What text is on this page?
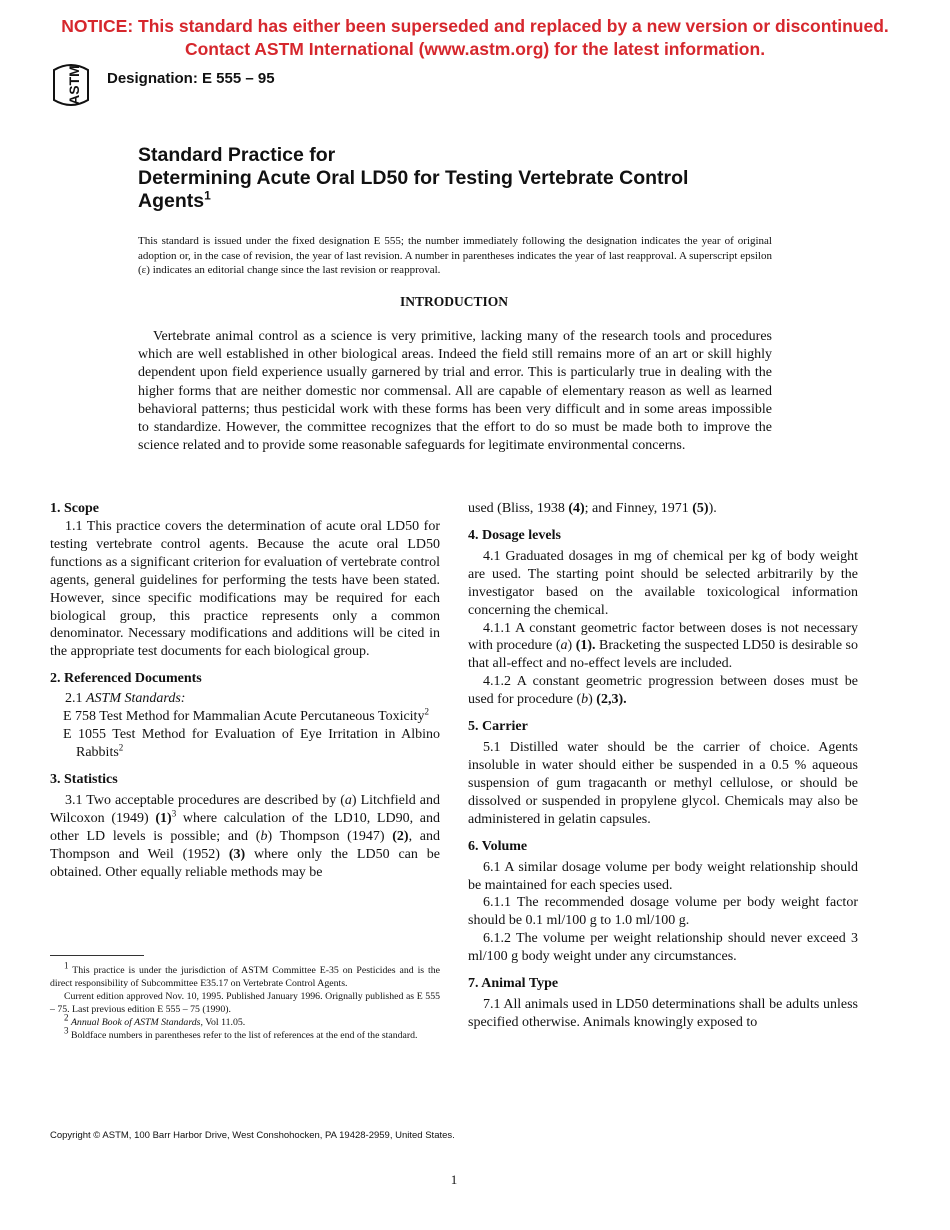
NOTICE: This standard has either been superseded and replaced by a new version or discontinued.
Contact ASTM International (www.astm.org) for the latest information.
ASTM Designation: E 555 – 95
Standard Practice for
Determining Acute Oral LD50 for Testing Vertebrate Control
Agents$^1$
This standard is issued under the fixed designation E 555; the number immediately following the designation indicates the year of original adoption or, in the case of revision, the year of last revision. A number in parentheses indicates the year of last reapproval. A superscript epsilon (ε) indicates an editorial change since the last revision or reapproval.
INTRODUCTION
Vertebrate animal control as a science is very primitive, lacking many of the research tools and procedures which are well established in other biological areas. Indeed the field still remains more of an art or skill highly dependent upon field experience usually garnered by trial and error. This is particularly true in dealing with the higher forms that are neither domestic nor commensal. All are capable of elementary reason as well as learned behavioral patterns; thus pesticidal work with these forms has been very difficult and in some areas impossible to standardize. However, the committee recognizes that the effort to do so must be made both to improve the science related and to provide some reasonable safeguards for legitimate environmental concerns.
1. Scope

1.1 This practice covers the determination of acute oral LD50 for testing vertebrate control agents. Because the acute oral LD50 functions as a significant criterion for evaluation of vertebrate control agents, general guidelines for performing the tests have been stated. However, since specific modifications may be required for each biological group, this practice represents only a common denominator. Necessary modifications and additions will be cited in the appropriate test documents for each biological group.

2. Referenced Documents

2.1 ASTM Standards:

E 758 Test Method for Mammalian Acute Percutaneous Toxicity$^2$

E 1055 Test Method for Evaluation of Eye Irritation in Albino Rabbits$^2$

3. Statistics

3.1 Two acceptable procedures are described by (a) Litchfield and Wilcoxon (1949) $(1)^3$ where calculation of the LD10, LD90, and other LD levels is possible; and (b) Thompson (1947) (2), and Thompson and Weil (1952) (3) where only the LD50 can be obtained. Other equally reliable methods may be

$^1$ This practice is under the jurisdiction of ASTM Committee E-35 on Pesticides and is the direct responsibility of Subcommittee E35.17 on Vertebrate Control Agents.

Current edition approved Nov. 10, 1995. Published January 1996. Orignally published as E 555 – 75. Last previous edition E 555 – 75 (1990).

$^2$ Annual Book of ASTM Standards, Vol 11.05.

$^3$ Boldface numbers in parentheses refer to the list of references at the end of the standard.

used (Bliss, 1938 (4); and Finney, 1971 (5)).

4. Dosage levels

4.1 Graduated dosages in mg of chemical per kg of body weight are used. The starting point should be selected arbitrarily by the investigator based on the available toxicological information concerning the chemical.

4.1.1 A constant geometric factor between doses is not necessary with procedure (a) (1). Bracketing the suspected LD50 is desirable so that all-effect and no-effect levels are included.

4.1.2 A constant geometric progression between doses must be used for procedure (b) (2,3).

5. Carrier

5.1 Distilled water should be the carrier of choice. Agents insoluble in water should either be suspended in a 0.5 % aqueous suspension of gum tragacanth or methyl cellulose, or should be dissolved or suspended in propylene glycol. Chemicals may also be administered in gelatin capsules.

6. Volume

6.1 A similar dosage volume per body weight relationship should be maintained for each species used.

6.1.1 The recommended dosage volume per body weight factor should be 0.1 ml/100 g to 1.0 ml/100 g.

6.1.2 The volume per weight relationship should never exceed 3 ml/100 g body weight under any circumstances.

7. Animal Type

7.1 All animals used in LD50 determinations shall be adults unless specified otherwise. Animals knowingly exposed to

Copyright © ASTM, 100 Barr Harbor Drive, West Conshohocken, PA 19428-2959, United States.
1
